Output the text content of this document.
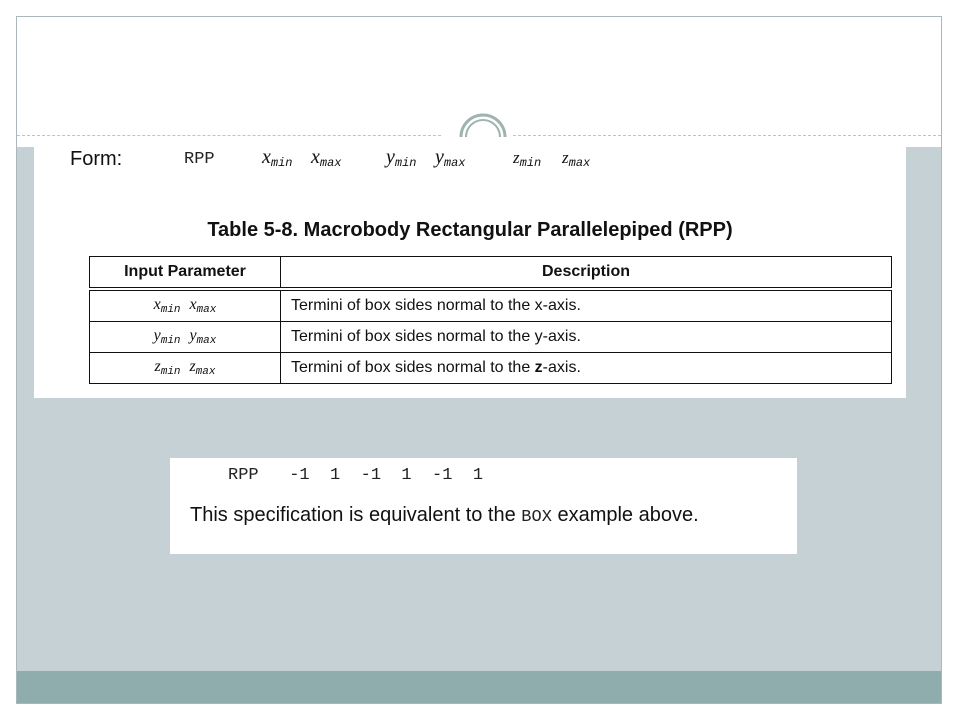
Form:	RPP $x_{min}$ $x_{max}$ $y_{min}$ $y_{max}$	$z_{min}$ $z_{max}$
Table 5-8. Macrobody Rectangular Parallelepiped (RPP)
Input Parameter	Description

$x_{min}$ $x_{max}$	Termini of box sides normal to the x-axis.
$y_{min}$ $y_{max}$	Termini of box sides normal to the y-axis.
$z_{min}$ $z_{max}$	Termini of box sides normal to the z-axis.
RPP   -1  1  -1  1  -1  1
This specification is equivalent to the BOX example above.
